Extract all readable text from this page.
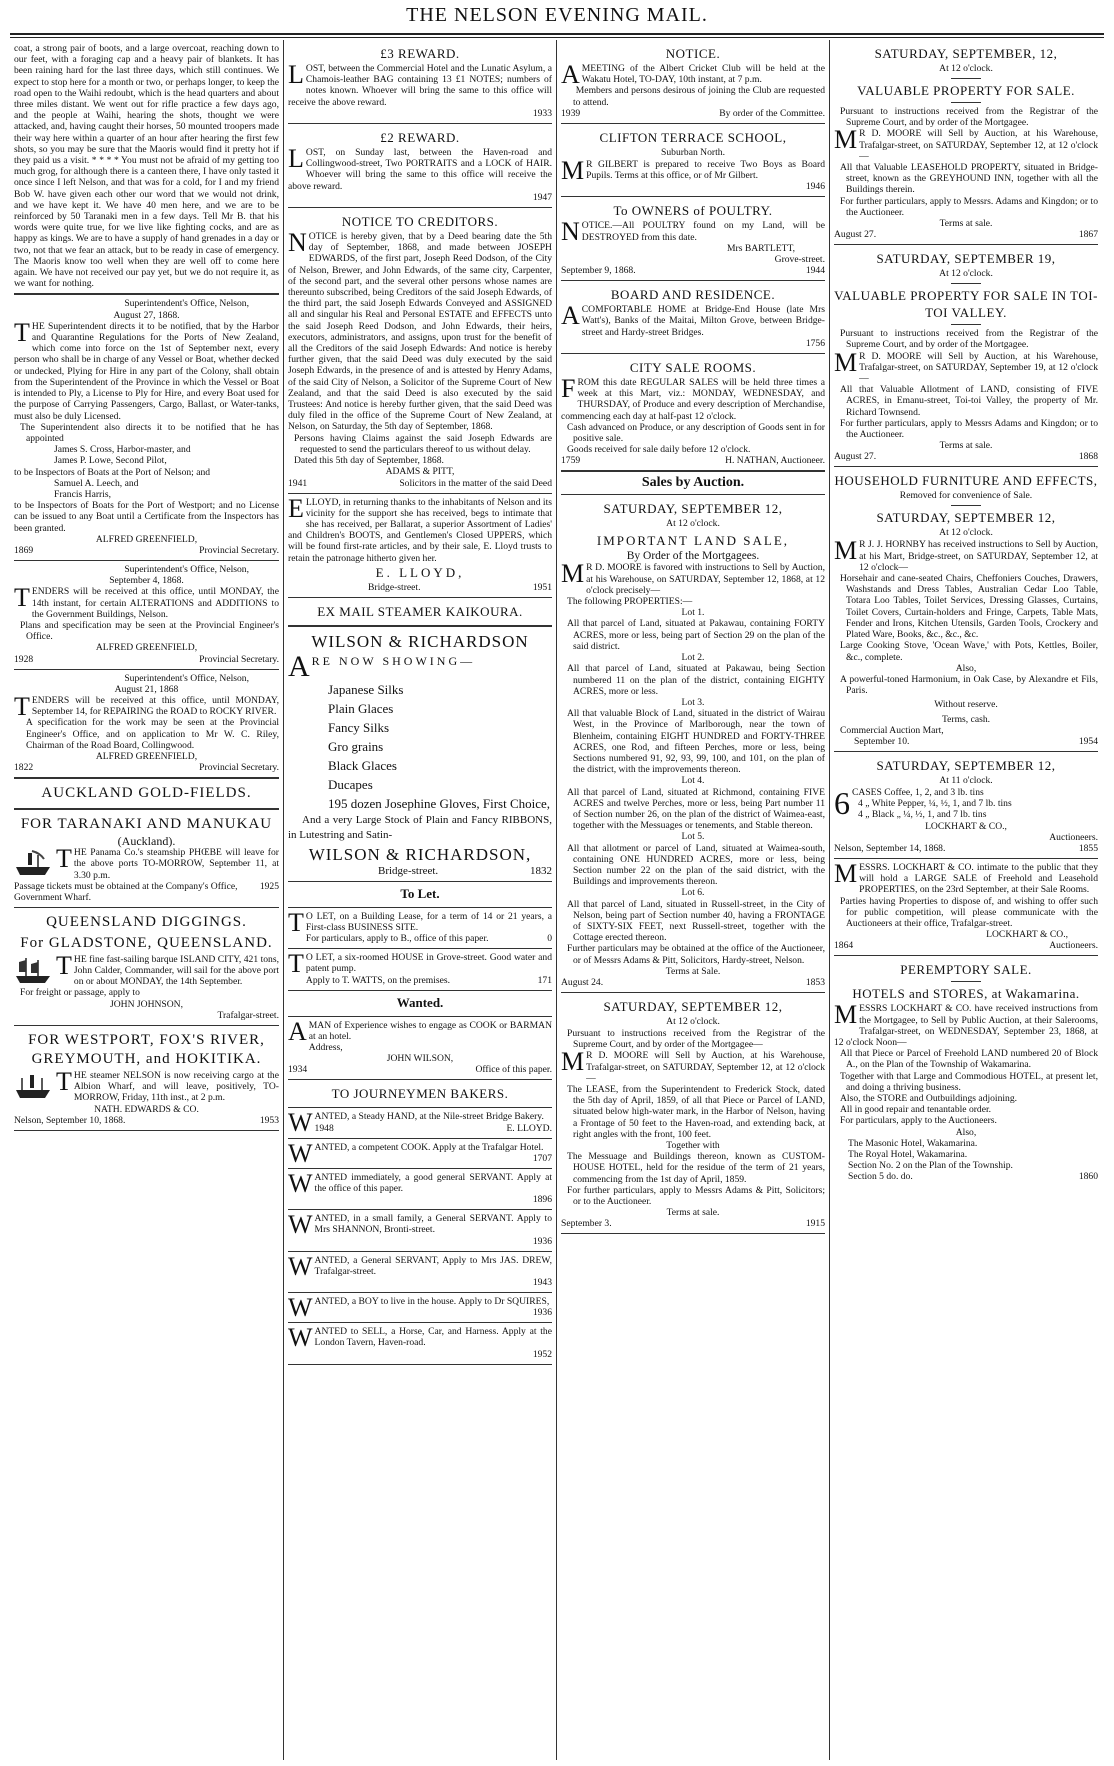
THE NELSON EVENING MAIL.

coat, a strong pair of boots, and a large overcoat, reaching down to our feet, with a foraging cap and a heavy pair of blankets. It has been raining hard for the last three days, which still continues. We expect to stop here for a month or two, or perhaps longer, to keep the road open to the Waihi redoubt, which is the head quarters and about three miles distant. We went out for rifle practice a few days ago, and the people at Waihi, hearing the shots, thought we were attacked, and, having caught their horses, 50 mounted troopers made their way here within a quarter of an hour after hearing the first few shots, so you may be sure that the Maoris would find it pretty hot if they paid us a visit. * * * * You must not be afraid of my getting too much grog, for although there is a canteen there, I have only tasted it once since I left Nelson, and that was for a cold, for I and my friend Bob W. have given each other our word that we would not drink, and we have kept it. We have 40 men here, and we are to be reinforced by 50 Taranaki men in a few days. Tell Mr B. that his words were quite true, for we live like fighting cocks, and are as happy as kings. We are to have a supply of hand grenades in a day or two, not that we fear an attack, but to be ready in case of emergency. The Maoris know too well when they are well off to come here again. We have not received our pay yet, but we do not require it, as we want for nothing.

Superintendent's Office, Nelson,

August 27, 1868.

THE Superintendent directs it to be notified, that by the Harbor and Quarantine Regulations for the Ports of New Zealand, which come into force on the 1st of September next, every person who shall be in charge of any Vessel or Boat, whether decked or undecked, Plying for Hire in any part of the Colony, shall obtain from the Superintendent of the Province in which the Vessel or Boat is intended to Ply, a License to Ply for Hire, and every Boat used for the purpose of Carrying Passengers, Cargo, Ballast, or Water-tanks, must also be duly Licensed.

The Superintendent also directs it to be notified that he has appointed

James S. Cross, Harbor-master, and

James P. Lowe, Second Pilot,

to be Inspectors of Boats at the Port of Nelson; and

Samuel A. Leech, and

Francis Harris,

to be Inspectors of Boats for the Port of Westport; and no License can be issued to any Boat until a Certificate from the Inspectors has been granted.

ALFRED GREENFIELD,

1869	Provincial Secretary.

Superintendent's Office, Nelson,

September 4, 1868.

TENDERS will be received at this office, until MONDAY, the 14th instant, for certain ALTERATIONS and ADDITIONS to the Government Buildings, Nelson.

Plans and specification may be seen at the Provincial Engineer's Office.

ALFRED GREENFIELD,

1928	Provincial Secretary.

Superintendent's Office, Nelson,

August 21, 1868

TENDERS will be received at this office, until MONDAY, September 14, for REPAIRING the ROAD to ROCKY RIVER.

A specification for the work may be seen at the Provincial Engineer's Office, and on application to Mr W. C. Riley, Chairman of the Road Board, Collingwood.

ALFRED GREENFIELD,

1822	Provincial Secretary.
AUCKLAND GOLD-FIELDS.
FOR TARANAKI AND MANUKAU
(Auckland).

THE Panama Co.'s steamship PHŒBE will leave for the above ports TO-MORROW, September 11, at 3.30 p.m.

Passage tickets must be obtained at the Company's Office, Government Wharf.
1925
QUEENSLAND DIGGINGS.
For GLADSTONE, QUEENSLAND.

THE fine fast-sailing barque ISLAND CITY, 421 tons, John Calder, Commander, will sail for the above port on or about MONDAY, the 14th September.

For freight or passage, apply to

JOHN JOHNSON,

Trafalgar-street.

FOR WESTPORT, FOX'S RIVER, GREYMOUTH, and HOKITIKA.

THE steamer NELSON is now receiving cargo at the Albion Wharf, and will leave, positively, TO-MORROW, Friday, 11th inst., at 2 p.m.

NATH. EDWARDS & CO.

Nelson, September 10, 1868.	1953
£3 REWARD.

LOST, between the Commercial Hotel and the Lunatic Asylum, a Chamois-leather BAG containing 13 £1 NOTES; numbers of notes known. Whoever will bring the same to this office will receive the above reward.

1933

£2 REWARD.

LOST, on Sunday last, between the Haven-road and Collingwood-street, Two PORTRAITS and a LOCK of HAIR. Whoever will bring the same to this office will receive the above reward.

1947

NOTICE TO CREDITORS.

NOTICE is hereby given, that by a Deed bearing date the 5th day of September, 1868, and made between JOSEPH EDWARDS, of the first part, Joseph Reed Dodson, of the City of Nelson, Brewer, and John Edwards, of the same city, Carpenter, of the second part, and the several other persons whose names are thereunto subscribed, being Creditors of the said Joseph Edwards, of the third part, the said Joseph Edwards Conveyed and ASSIGNED all and singular his Real and Personal ESTATE and EFFECTS unto the said Joseph Reed Dodson, and John Edwards, their heirs, executors, administrators, and assigns, upon trust for the benefit of all the Creditors of the said Joseph Edwards: And notice is hereby further given, that the said Deed was duly executed by the said Joseph Edwards, in the presence of and is attested by Henry Adams, of the said City of Nelson, a Solicitor of the Supreme Court of New Zealand, and that the said Deed is also executed by the said Trustees: And notice is hereby further given, that the said Deed was duly filed in the office of the Supreme Court of New Zealand, at Nelson, on Saturday, the 5th day of September, 1868.

Persons having Claims against the said Joseph Edwards are requested to send the particulars thereof to us without delay.

Dated this 5th day of September, 1868.

ADAMS & PITT,

1941	Solicitors in the matter of the said Deed

ELLOYD, in returning thanks to the inhabitants of Nelson and its vicinity for the support she has received, begs to intimate that she has received, per Ballarat, a superior Assortment of Ladies' and Children's BOOTS, and Gentlemen's Closed UPPERS, which will be found first-rate articles, and by their sale, E. Lloyd trusts to retain the patronage hitherto given her.

E. LLOYD,

Bridge-street.	1951
EX MAIL STEAMER KAIKOURA.
WILSON & RICHARDSON

ARE NOW SHOWING—

Japanese Silks

Plain Glaces

Fancy Silks

Gro grains

Black Glaces

Ducapes

195 dozen Josephine Gloves, First Choice,

And a very Large Stock of Plain and Fancy RIBBONS, in Lutestring and Satin-

WILSON & RICHARDSON,
Bridge-street.	1832
To Let.

T O LET, on a Building Lease, for a term of 14 or 21 years, a First-class BUSINESS SITE.

For particulars, apply to B., office of this paper.	0

T O LET, a six-roomed HOUSE in Grove-street. Good water and patent pump.

Apply to T. WATTS, on the premises.	171
Wanted.

AMAN of Experience wishes to engage as COOK or BARMAN at an hotel.

Address,

JOHN WILSON,

1934	Office of this paper.
TO JOURNEYMEN BAKERS.

WANTED, a Steady HAND, at the Nile-street Bridge Bakery.

1948	E. LLOYD.

WANTED, a competent COOK. Apply at the Trafalgar Hotel.

1707

WANTED immediately, a good general SERVANT. Apply at the office of this paper.

1896

WANTED, in a small family, a General SERVANT. Apply to Mrs SHANNON, Bronti-street.

1936

WANTED, a General SERVANT, Apply to Mrs JAS. DREW, Trafalgar-street.

1943

WANTED, a BOY to live in the house. Apply to Dr SQUIRES,

1936

WANTED to SELL, a Horse, Car, and Harness. Apply at the London Tavern, Haven-road.

1952
NOTICE.

AMEETING of the Albert Cricket Club will be held at the Wakatu Hotel, TO-DAY, 10th instant, at 7 p.m.

Members and persons desirous of joining the Club are requested to attend.

1939	By order of the Committee.
CLIFTON TERRACE SCHOOL,
Suburban North.

M R GILBERT is prepared to receive Two Boys as Board Pupils. Terms at this office, or of Mr Gilbert.

1946

To OWNERS of POULTRY.

NOTICE.—All POULTRY found on my Land, will be DESTROYED from this date.

Mrs BARTLETT,

Grove-street.

September 9, 1868.	1944
BOARD AND RESIDENCE.

ACOMFORTABLE HOME at Bridge-End House (late Mrs Watt's), Banks of the Maitai, Milton Grove, between Bridge-street and Hardy-street Bridges.

1756

CITY SALE ROOMS.

FROM this date REGULAR SALES will be held three times a week at this Mart, viz.: MONDAY, WEDNESDAY, and THURSDAY, of Produce and every description of Merchandise, commencing each day at half-past 12 o'clock.

Cash advanced on Produce, or any description of Goods sent in for positive sale.

Goods received for sale daily before 12 o'clock.

1759	H. NATHAN, Auctioneer.
Sales by Auction.
SATURDAY, SEPTEMBER 12,
At 12 o'clock.
IMPORTANT LAND SALE,
By Order of the Mortgagees.

M R D. MOORE is favored with instructions to Sell by Auction, at his Warehouse, on SATURDAY, September 12, 1868, at 12 o'clock precisely—

The following PROPERTIES:—

Lot 1.

All that parcel of Land, situated at Pakawau, containing FORTY ACRES, more or less, being part of Section 29 on the plan of the said district.

Lot 2.

All that parcel of Land, situated at Pakawau, being Section numbered 11 on the plan of the district, containing EIGHTY ACRES, more or less.

Lot 3.

All that valuable Block of Land, situated in the district of Wairau West, in the Province of Marlborough, near the town of Blenheim, containing EIGHT HUNDRED and FORTY-THREE ACRES, one Rod, and fifteen Perches, more or less, being Sections numbered 91, 92, 93, 99, 100, and 101, on the plan of the district, with the improvements thereon.

Lot 4.

All that parcel of Land, situated at Richmond, containing FIVE ACRES and twelve Perches, more or less, being Part number 11 of Section number 26, on the plan of the district of Waimea-east, together with the Messuages or tenements, and Stable thereon.

Lot 5.

All that allotment or parcel of Land, situated at Waimea-south, containing ONE HUNDRED ACRES, more or less, being Section number 22 on the plan of the said district, with the Buildings and improvements thereon.

Lot 6.

All that parcel of Land, situated in Russell-street, in the City of Nelson, being part of Section number 40, having a FRONTAGE of SIXTY-SIX FEET, next Russell-street, together with the Cottage erected thereon.

Further particulars may be obtained at the office of the Auctioneer, or of Messrs Adams & Pitt, Solicitors, Hardy-street, Nelson.

Terms at Sale.

August 24.	1853
SATURDAY, SEPTEMBER 12,
At 12 o'clock.

Pursuant to instructions received from the Registrar of the Supreme Court, and by order of the Mortgagee—

M R D. MOORE will Sell by Auction, at his Warehouse, Trafalgar-street, on SATURDAY, September 12, at 12 o'clock—

The LEASE, from the Superintendent to Frederick Stock, dated the 5th day of April, 1859, of all that Piece or Parcel of LAND, situated below high-water mark, in the Harbor of Nelson, having a Frontage of 50 feet to the Haven-road, and extending back, at right angles with the front, 100 feet.

Together with

The Messuage and Buildings thereon, known as CUSTOM-HOUSE HOTEL, held for the residue of the term of 21 years, commencing from the 1st day of April, 1859.

For further particulars, apply to Messrs Adams & Pitt, Solicitors; or to the Auctioneer.

Terms at sale.

September 3.	1915
SATURDAY, SEPTEMBER, 12,
At 12 o'clock.
VALUABLE PROPERTY FOR SALE.

Pursuant to instructions received from the Registrar of the Supreme Court, and by order of the Mortgagee.

M R D. MOORE will Sell by Auction, at his Warehouse, Trafalgar-street, on SATURDAY, September 12, at 12 o'clock—

All that Valuable LEASEHOLD PROPERTY, situated in Bridge-street, known as the GREYHOUND INN, together with all the Buildings therein.

For further particulars, apply to Messrs. Adams and Kingdon; or to the Auctioneer.

Terms at sale.

August 27.	1867
SATURDAY, SEPTEMBER 19,
At 12 o'clock.
VALUABLE PROPERTY FOR SALE IN TOI-TOI VALLEY.

Pursuant to instructions received from the Registrar of the Supreme Court, and by order of the Mortgagee.

M R D. MOORE will Sell by Auction, at his Warehouse, Trafalgar-street, on SATURDAY, September 19, at 12 o'clock—

All that Valuable Allotment of LAND, consisting of FIVE ACRES, in Emanu-street, Toi-toi Valley, the property of Mr. Richard Townsend.

For further particulars, apply to Messrs Adams and Kingdon; or to the Auctioneer.

Terms at sale.

August 27.	1868
HOUSEHOLD FURNITURE AND EFFECTS,
Removed for convenience of Sale.
SATURDAY, SEPTEMBER 12,
At 12 o'clock.

M R J. J. HORNBY has received instructions to Sell by Auction, at his Mart, Bridge-street, on SATURDAY, September 12, at 12 o'clock—

Horsehair and cane-seated Chairs, Cheffoniers Couches, Drawers, Washstands and Dress Tables, Australian Cedar Loo Table, Totara Loo Tables, Toilet Services, Dressing Glasses, Curtains, Toilet Covers, Curtain-holders and Fringe, Carpets, Table Mats, Fender and Irons, Kitchen Utensils, Garden Tools, Crockery and Plated Ware, Books, &c., &c., &c.

Large Cooking Stove, 'Ocean Wave,' with Pots, Kettles, Boiler, &c., complete.

Also,

A powerful-toned Harmonium, in Oak Case, by Alexandre et Fils, Paris.

Without reserve.

Terms, cash.

Commercial Auction Mart,

September 10.	1954
SATURDAY, SEPTEMBER 12,
At 11 o'clock.

6 CASES Coffee, 1, 2, and 3 lb. tins

4 „ White Pepper, ¼, ½, 1, and 7 lb. tins

4 „ Black „ ¼, ½, 1, and 7 lb. tins

LOCKHART & CO.,

Auctioneers.

Nelson, September 14, 1868.	1855

MESSRS. LOCKHART & CO. intimate to the public that they will hold a LARGE SALE of Freehold and Leasehold PROPERTIES, on the 23rd September, at their Sale Rooms.

Parties having Properties to dispose of, and wishing to offer such for public competition, will please communicate with the Auctioneers at their office, Trafalgar-street.

LOCKHART & CO.,

1864	Auctioneers.
PEREMPTORY SALE.
HOTELS and STORES, at Wakamarina.

MESSRS LOCKHART & CO. have received instructions from the Mortgagee, to Sell by Public Auction, at their Salerooms, Trafalgar-street, on WEDNESDAY, September 23, 1868, at 12 o'clock Noon—

All that Piece or Parcel of Freehold LAND numbered 20 of Block A., on the Plan of the Township of Wakamarina.

Together with that Large and Commodious HOTEL, at present let, and doing a thriving business.

Also, the STORE and Outbuildings adjoining.

All in good repair and tenantable order.

For particulars, apply to the Auctioneers.

Also,

The Masonic Hotel, Wakamarina.

The Royal Hotel, Wakamarina.

Section No. 2 on the Plan of the Township.

Section 5 do. do.	1860
